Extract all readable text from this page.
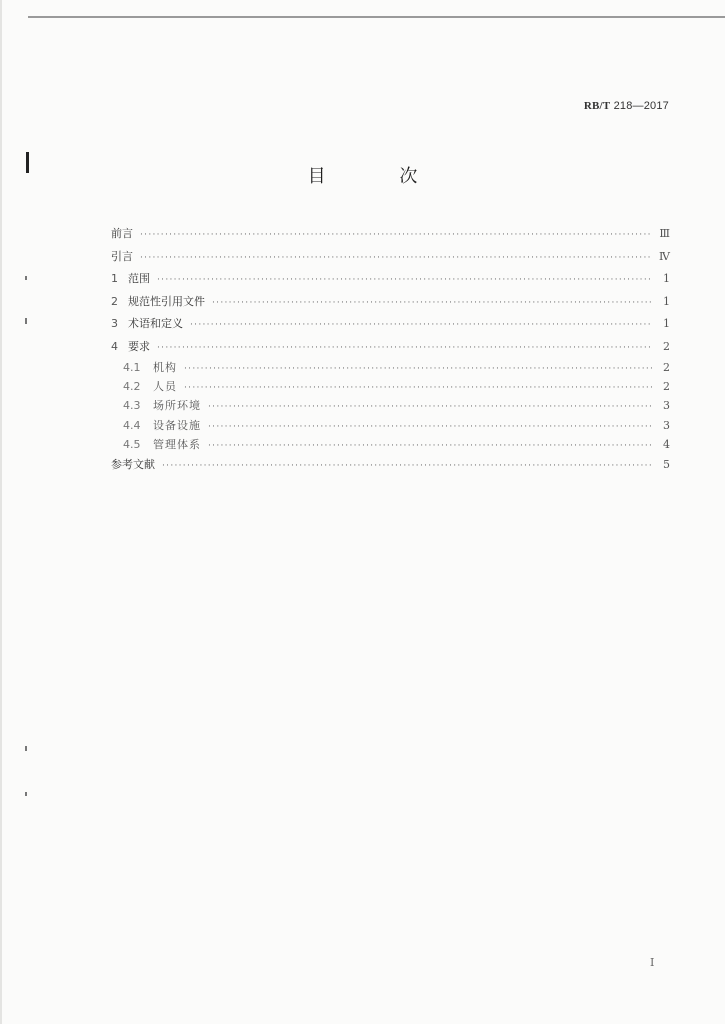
RB/T 218—2017
目 次
前言 ·····	Ⅲ
引言 ·····	Ⅳ
1 范围 ·····	1
2 规范性引用文件 ·····	1
3 术语和定义 ·····	1
4 要求 ·····	2
4.1	机构 ·····	2
4.2	人员 ·····	2
4.3	场所环境 ·····	3
4.4	设备设施 ·····	3
4.5	管理体系 ·····	4
参考文献 ·····	5
I
